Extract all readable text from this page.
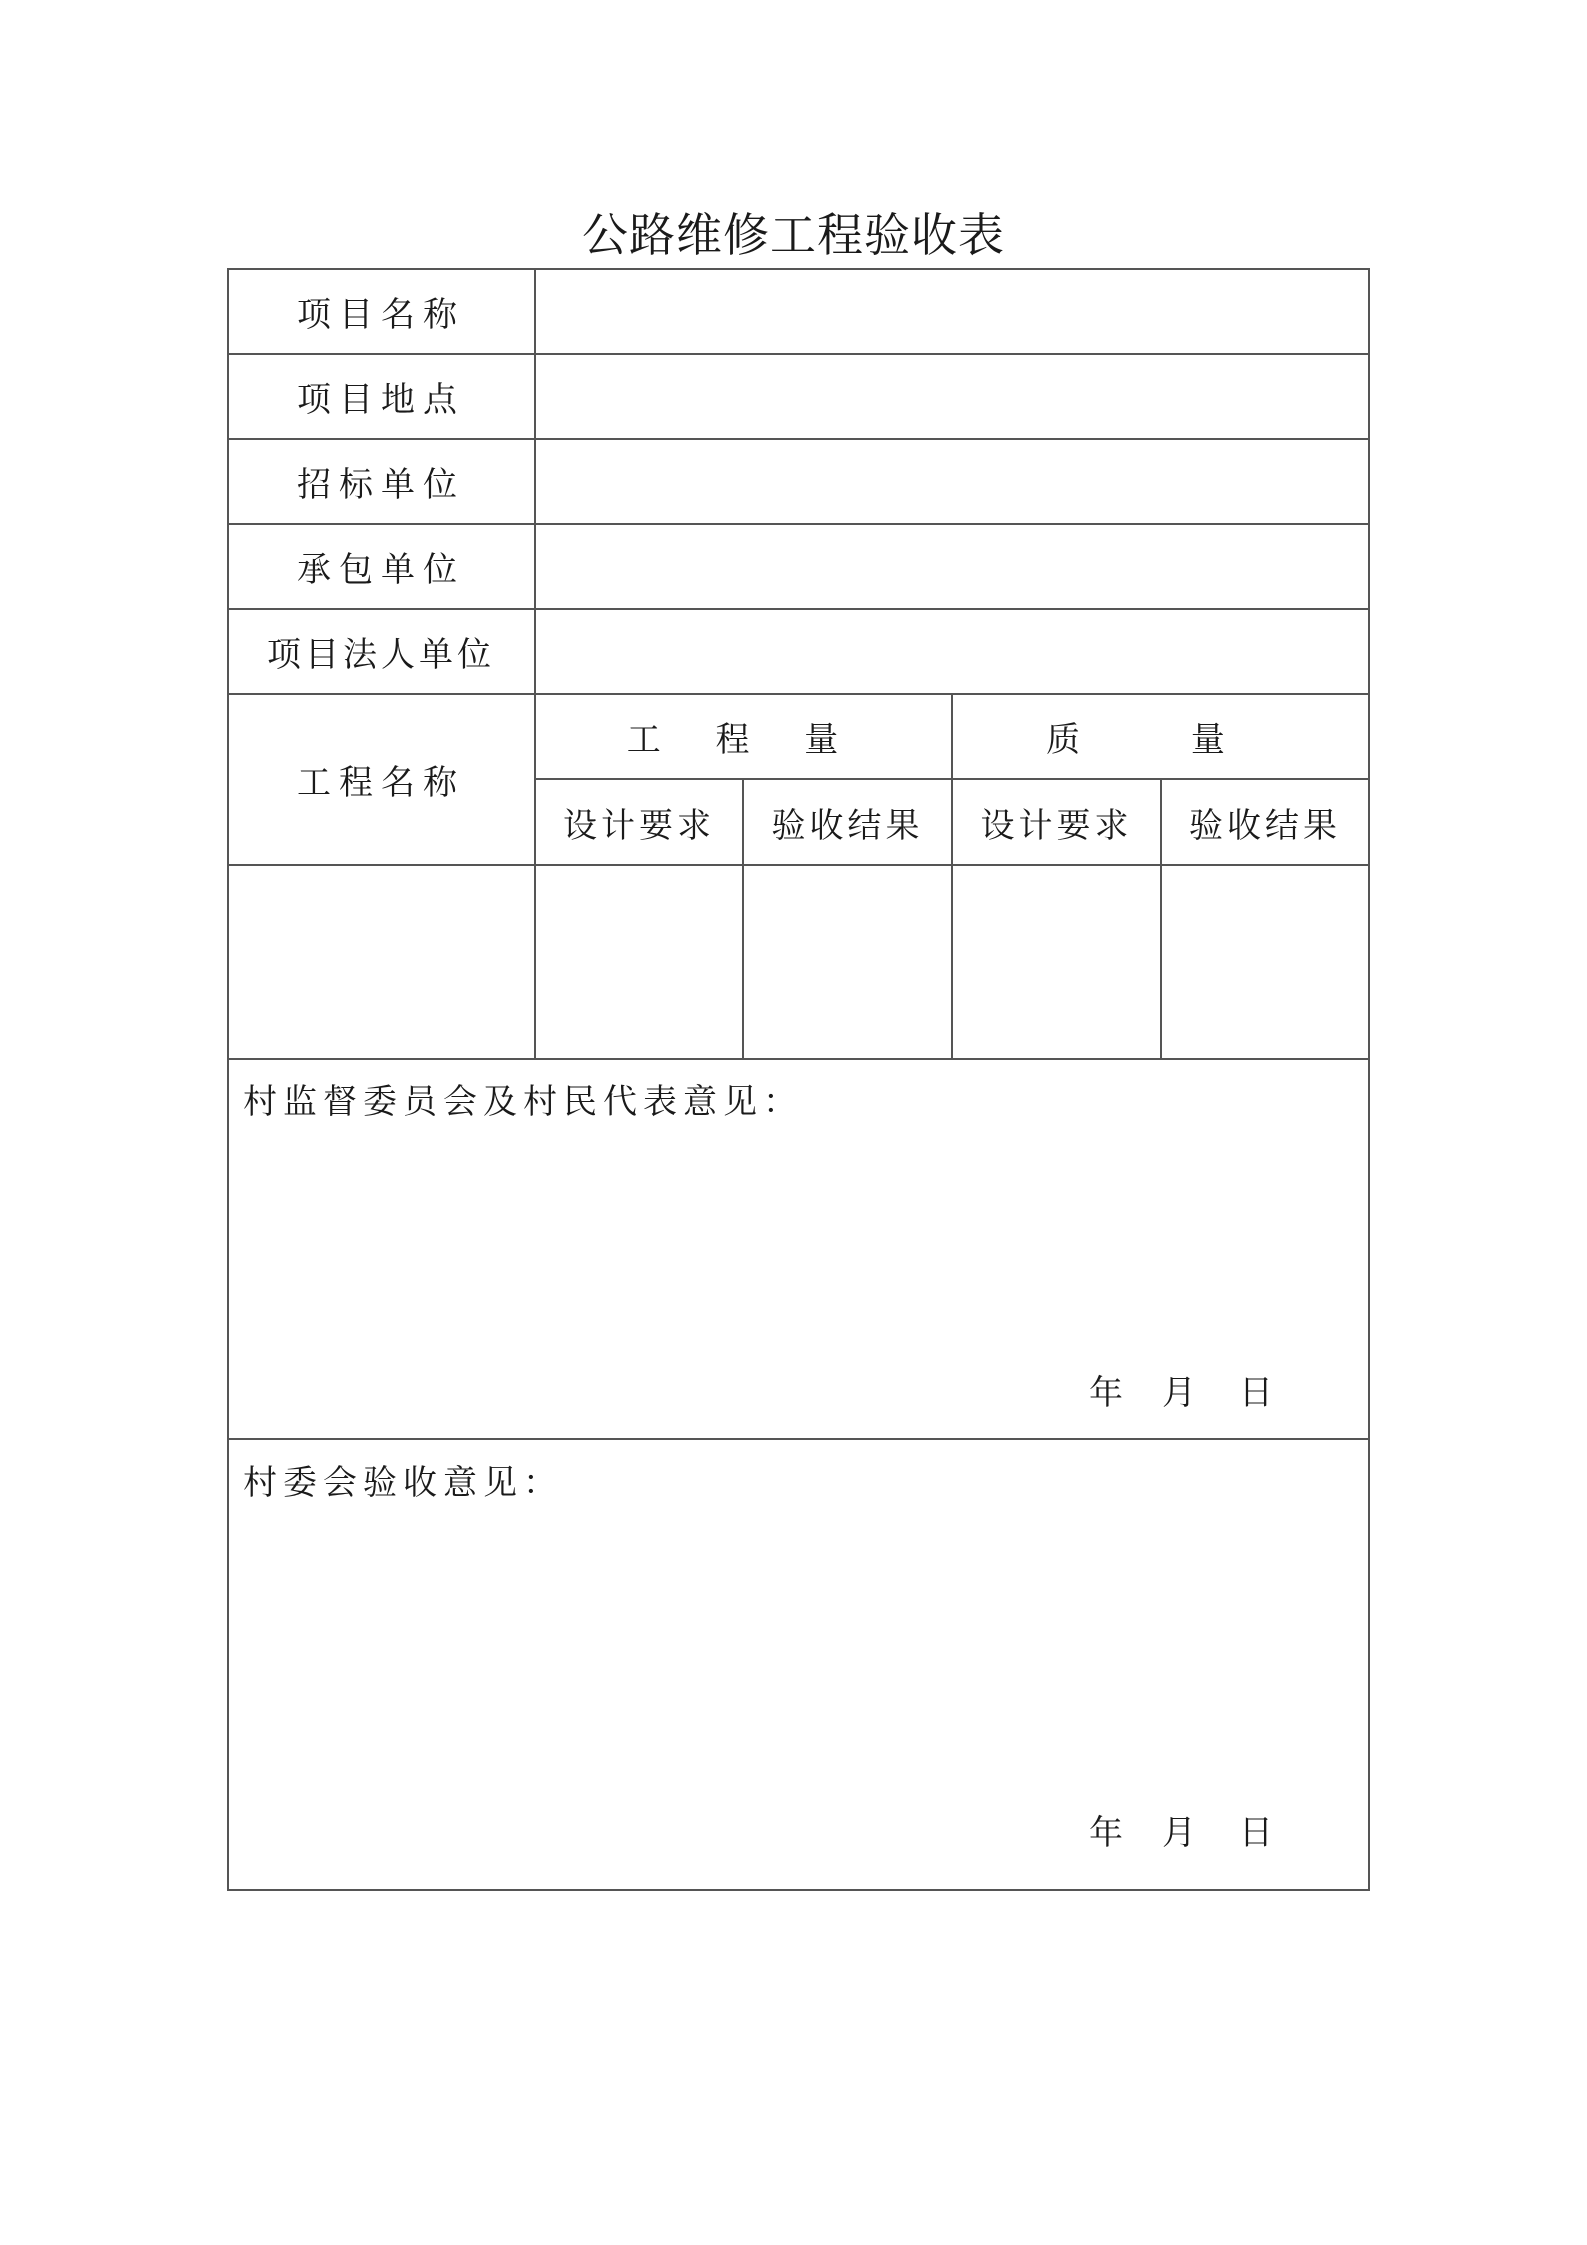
公路维修工程验收表
项目名称
项目地点
招标单位
承包单位
项目法人单位
工程名称
工 程 量	质 量
设计要求	验收结果	设计要求	验收结果
村监督委员会及村民代表意见：
年 月 日
村委会验收意见：
年 月 日
